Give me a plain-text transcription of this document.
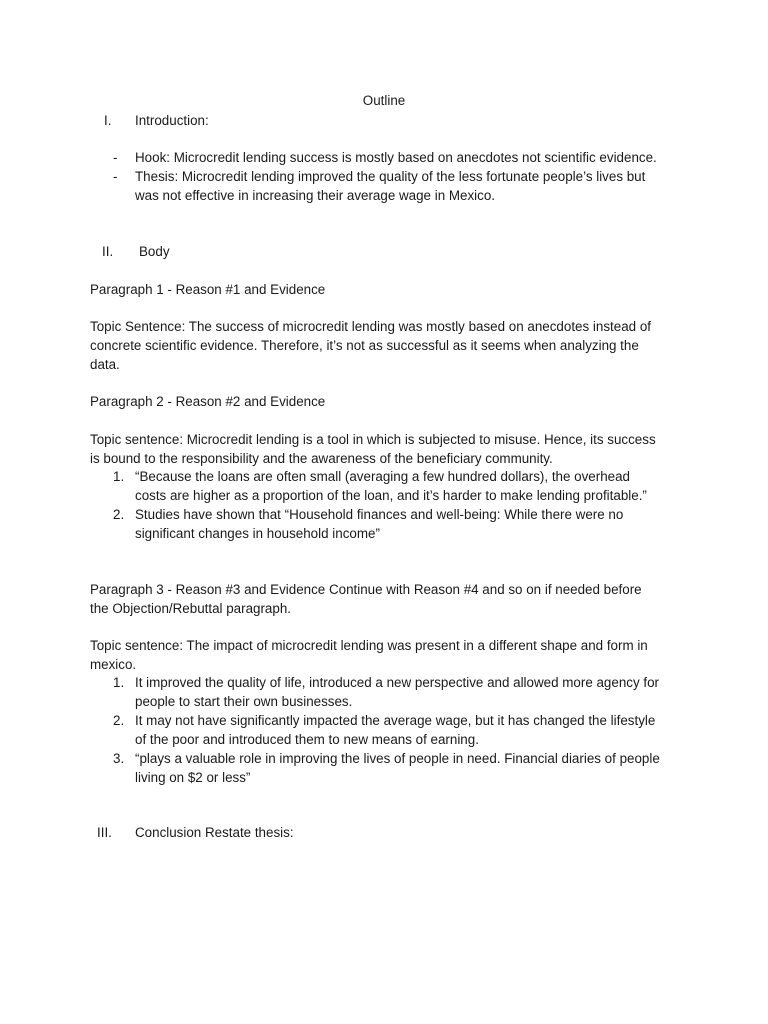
Outline
I. Introduction:
- Hook: Microcredit lending success is mostly based on anecdotes not scientific evidence.
- Thesis: Microcredit lending improved the quality of the less fortunate people’s lives but
was not effective in increasing their average wage in Mexico.
II. Body
Paragraph 1 - Reason #1 and Evidence
Topic Sentence: The success of microcredit lending was mostly based on anecdotes instead of
concrete scientific evidence. Therefore, it’s not as successful as it seems when analyzing the
data.
Paragraph 2 - Reason #2 and Evidence
Topic sentence: Microcredit lending is a tool in which is subjected to misuse. Hence, its success
is bound to the responsibility and the awareness of the beneficiary community.
1. “Because the loans are often small (averaging a few hundred dollars), the overhead
costs are higher as a proportion of the loan, and it’s harder to make lending profitable.”
2. Studies have shown that “Household finances and well-being: While there were no
significant changes in household income”
Paragraph 3 - Reason #3 and Evidence Continue with Reason #4 and so on if needed before
the Objection/Rebuttal paragraph.
Topic sentence: The impact of microcredit lending was present in a different shape and form in
mexico.
1. It improved the quality of life, introduced a new perspective and allowed more agency for
people to start their own businesses.
2. It may not have significantly impacted the average wage, but it has changed the lifestyle
of the poor and introduced them to new means of earning.
3. “plays a valuable role in improving the lives of people in need. Financial diaries of people
living on $2 or less”
III. Conclusion Restate thesis:
